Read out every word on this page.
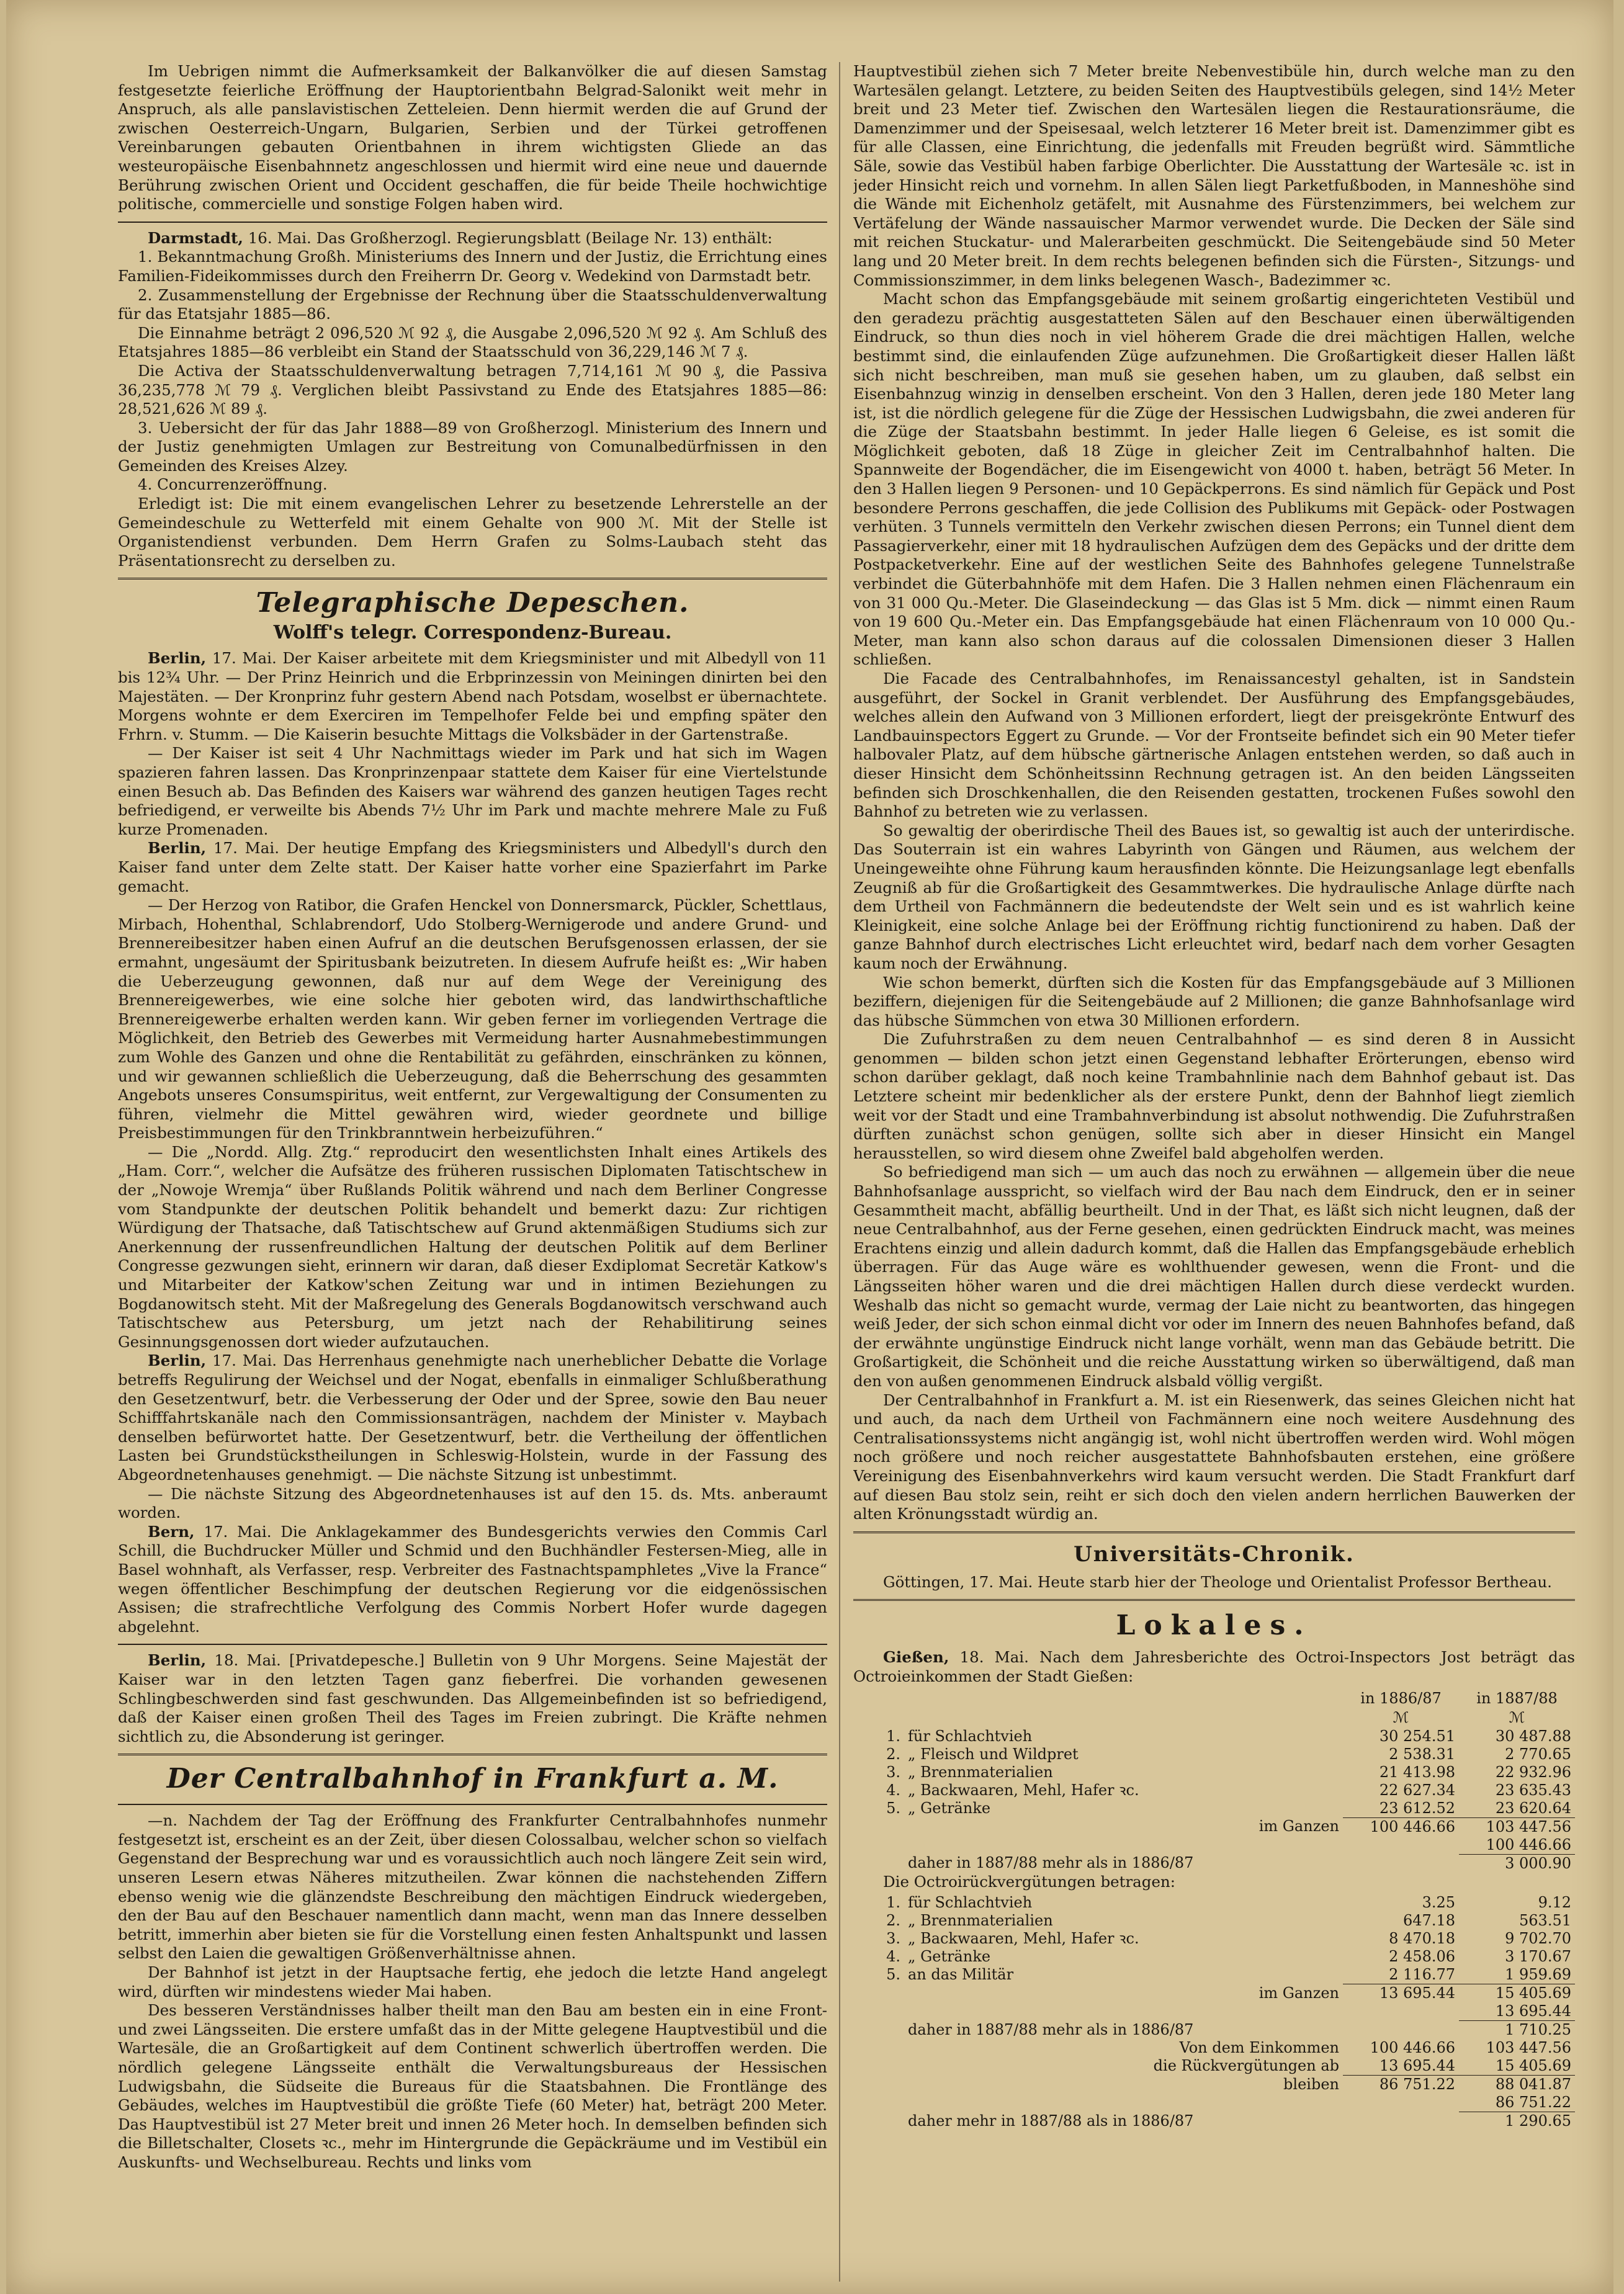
Im Uebrigen nimmt die Aufmerksamkeit der Balkanvölker die auf diesen Samstag festgesetzte feierliche Eröffnung der Hauptorientbahn Belgrad-Salonikt weit mehr in Anspruch, als alle panslavistischen Zetteleien. Denn hiermit werden die auf Grund der zwischen Oesterreich-Ungarn, Bulgarien, Serbien und der Türkei getroffenen Vereinbarungen gebauten Orientbahnen in ihrem wichtigsten Gliede an das westeuropäische Eisenbahnnetz angeschlossen und hiermit wird eine neue und dauernde Berührung zwischen Orient und Occident geschaffen, die für beide Theile hochwichtige politische, commercielle und sonstige Folgen haben wird.

Darmstadt, 16. Mai. Das Großherzogl. Regierungsblatt (Beilage Nr. 13) enthält:

1. Bekanntmachung Großh. Ministeriums des Innern und der Justiz, die Errichtung eines Familien-Fideikommisses durch den Freiherrn Dr. Georg v. Wedekind von Darmstadt betr.

2. Zusammenstellung der Ergebnisse der Rechnung über die Staatsschuldenverwaltung für das Etatsjahr 1885—86.

Die Einnahme beträgt 2 096,520 ℳ 92 ₰, die Ausgabe 2,096,520 ℳ 92 ₰. Am Schluß des Etatsjahres 1885—86 verbleibt ein Stand der Staatsschuld von 36,229,146 ℳ 7 ₰.

Die Activa der Staatsschuldenverwaltung betragen 7,714,161 ℳ 90 ₰, die Passiva 36,235,778 ℳ 79 ₰. Verglichen bleibt Passivstand zu Ende des Etatsjahres 1885—86: 28,521,626 ℳ 89 ₰.

3. Uebersicht der für das Jahr 1888—89 von Großherzogl. Ministerium des Innern und der Justiz genehmigten Umlagen zur Bestreitung von Comunalbedürfnissen in den Gemeinden des Kreises Alzey.

4. Concurrenzeröffnung.

Erledigt ist: Die mit einem evangelischen Lehrer zu besetzende Lehrerstelle an der Gemeindeschule zu Wetterfeld mit einem Gehalte von 900 ℳ. Mit der Stelle ist Organistendienst verbunden. Dem Herrn Grafen zu Solms-Laubach steht das Präsentationsrecht zu derselben zu.

Telegraphische Depeschen.
Wolff's telegr. Correspondenz-Bureau.

Berlin, 17. Mai. Der Kaiser arbeitete mit dem Kriegsminister und mit Albedyll von 11 bis 12¾ Uhr. — Der Prinz Heinrich und die Erbprinzessin von Meiningen dinirten bei den Majestäten. — Der Kronprinz fuhr gestern Abend nach Potsdam, woselbst er übernachtete. Morgens wohnte er dem Exerciren im Tempelhofer Felde bei und empfing später den Frhrn. v. Stumm. — Die Kaiserin besuchte Mittags die Volksbäder in der Gartenstraße.

— Der Kaiser ist seit 4 Uhr Nachmittags wieder im Park und hat sich im Wagen spazieren fahren lassen. Das Kronprinzenpaar stattete dem Kaiser für eine Viertelstunde einen Besuch ab. Das Befinden des Kaisers war während des ganzen heutigen Tages recht befriedigend, er verweilte bis Abends 7½ Uhr im Park und machte mehrere Male zu Fuß kurze Promenaden.

Berlin, 17. Mai. Der heutige Empfang des Kriegsministers und Albedyll's durch den Kaiser fand unter dem Zelte statt. Der Kaiser hatte vorher eine Spazierfahrt im Parke gemacht.

— Der Herzog von Ratibor, die Grafen Henckel von Donnersmarck, Pückler, Schettlaus, Mirbach, Hohenthal, Schlabrendorf, Udo Stolberg-Wernigerode und andere Grund- und Brennereibesitzer haben einen Aufruf an die deutschen Berufsgenossen erlassen, der sie ermahnt, ungesäumt der Spiritusbank beizutreten. In diesem Aufrufe heißt es: „Wir haben die Ueberzeugung gewonnen, daß nur auf dem Wege der Vereinigung des Brennereigewerbes, wie eine solche hier geboten wird, das landwirthschaftliche Brennereigewerbe erhalten werden kann. Wir geben ferner im vorliegenden Vertrage die Möglichkeit, den Betrieb des Gewerbes mit Vermeidung harter Ausnahmebestimmungen zum Wohle des Ganzen und ohne die Rentabilität zu gefährden, einschränken zu können, und wir gewannen schließlich die Ueberzeugung, daß die Beherrschung des gesammten Angebots unseres Consumspiritus, weit entfernt, zur Vergewaltigung der Consumenten zu führen, vielmehr die Mittel gewähren wird, wieder geordnete und billige Preisbestimmungen für den Trinkbranntwein herbeizuführen.“

— Die „Nordd. Allg. Ztg.“ reproducirt den wesentlichsten Inhalt eines Artikels des „Ham. Corr.“, welcher die Aufsätze des früheren russischen Diplomaten Tatischtschew in der „Nowoje Wremja“ über Rußlands Politik während und nach dem Berliner Congresse vom Standpunkte der deutschen Politik behandelt und bemerkt dazu: Zur richtigen Würdigung der Thatsache, daß Tatischtschew auf Grund aktenmäßigen Studiums sich zur Anerkennung der russenfreundlichen Haltung der deutschen Politik auf dem Berliner Congresse gezwungen sieht, erinnern wir daran, daß dieser Exdiplomat Secretär Katkow's und Mitarbeiter der Katkow'schen Zeitung war und in intimen Beziehungen zu Bogdanowitsch steht. Mit der Maßregelung des Generals Bogdanowitsch verschwand auch Tatischtschew aus Petersburg, um jetzt nach der Rehabilitirung seines Gesinnungsgenossen dort wieder aufzutauchen.

Berlin, 17. Mai. Das Herrenhaus genehmigte nach unerheblicher Debatte die Vorlage betreffs Regulirung der Weichsel und der Nogat, ebenfalls in einmaliger Schlußberathung den Gesetzentwurf, betr. die Verbesserung der Oder und der Spree, sowie den Bau neuer Schifffahrtskanäle nach den Commissionsanträgen, nachdem der Minister v. Maybach denselben befürwortet hatte. Der Gesetzentwurf, betr. die Vertheilung der öffentlichen Lasten bei Grundstückstheilungen in Schleswig-Holstein, wurde in der Fassung des Abgeordnetenhauses genehmigt. — Die nächste Sitzung ist unbestimmt.

— Die nächste Sitzung des Abgeordnetenhauses ist auf den 15. ds. Mts. anberaumt worden.

Bern, 17. Mai. Die Anklagekammer des Bundesgerichts verwies den Commis Carl Schill, die Buchdrucker Müller und Schmid und den Buchhändler Festersen-Mieg, alle in Basel wohnhaft, als Verfasser, resp. Verbreiter des Fastnachtspamphletes „Vive la France“ wegen öffentlicher Beschimpfung der deutschen Regierung vor die eidgenössischen Assisen; die strafrechtliche Verfolgung des Commis Norbert Hofer wurde dagegen abgelehnt.

Berlin, 18. Mai. [Privatdepesche.] Bulletin von 9 Uhr Morgens. Seine Majestät der Kaiser war in den letzten Tagen ganz fieberfrei. Die vorhanden gewesenen Schlingbeschwerden sind fast geschwunden. Das Allgemeinbefinden ist so befriedigend, daß der Kaiser einen großen Theil des Tages im Freien zubringt. Die Kräfte nehmen sichtlich zu, die Absonderung ist geringer.

Der Centralbahnhof in Frankfurt a. M.

—n. Nachdem der Tag der Eröffnung des Frankfurter Centralbahnhofes nunmehr festgesetzt ist, erscheint es an der Zeit, über diesen Colossalbau, welcher schon so vielfach Gegenstand der Besprechung war und es voraussichtlich auch noch längere Zeit sein wird, unseren Lesern etwas Näheres mitzutheilen. Zwar können die nachstehenden Ziffern ebenso wenig wie die glänzendste Beschreibung den mächtigen Eindruck wiedergeben, den der Bau auf den Beschauer namentlich dann macht, wenn man das Innere desselben betritt, immerhin aber bieten sie für die Vorstellung einen festen Anhaltspunkt und lassen selbst den Laien die gewaltigen Größenverhältnisse ahnen.

Der Bahnhof ist jetzt in der Hauptsache fertig, ehe jedoch die letzte Hand angelegt wird, dürften wir mindestens wieder Mai haben.

Des besseren Verständnisses halber theilt man den Bau am besten ein in eine Front- und zwei Längsseiten. Die erstere umfaßt das in der Mitte gelegene Hauptvestibül und die Wartesäle, die an Großartigkeit auf dem Continent schwerlich übertroffen werden. Die nördlich gelegene Längsseite enthält die Verwaltungsbureaus der Hessischen Ludwigsbahn, die Südseite die Bureaus für die Staatsbahnen. Die Frontlänge des Gebäudes, welches im Hauptvestibül die größte Tiefe (60 Meter) hat, beträgt 200 Meter. Das Hauptvestibül ist 27 Meter breit und innen 26 Meter hoch. In demselben befinden sich die Billetschalter, Closets ꝛc., mehr im Hintergrunde die Gepäckräume und im Vestibül ein Auskunfts- und Wechselbureau. Rechts und links vom

Hauptvestibül ziehen sich 7 Meter breite Nebenvestibüle hin, durch welche man zu den Wartesälen gelangt. Letztere, zu beiden Seiten des Hauptvestibüls gelegen, sind 14½ Meter breit und 23 Meter tief. Zwischen den Wartesälen liegen die Restaurationsräume, die Damenzimmer und der Speisesaal, welch letzterer 16 Meter breit ist. Damenzimmer gibt es für alle Classen, eine Einrichtung, die jedenfalls mit Freuden begrüßt wird. Sämmtliche Säle, sowie das Vestibül haben farbige Oberlichter. Die Ausstattung der Wartesäle ꝛc. ist in jeder Hinsicht reich und vornehm. In allen Sälen liegt Parketfußboden, in Manneshöhe sind die Wände mit Eichenholz getäfelt, mit Ausnahme des Fürstenzimmers, bei welchem zur Vertäfelung der Wände nassauischer Marmor verwendet wurde. Die Decken der Säle sind mit reichen Stuckatur- und Malerarbeiten geschmückt. Die Seitengebäude sind 50 Meter lang und 20 Meter breit. In dem rechts belegenen befinden sich die Fürsten-, Sitzungs- und Commissionszimmer, in dem links belegenen Wasch-, Badezimmer ꝛc.

Macht schon das Empfangsgebäude mit seinem großartig eingerichteten Vestibül und den geradezu prächtig ausgestatteten Sälen auf den Beschauer einen überwältigenden Eindruck, so thun dies noch in viel höherem Grade die drei mächtigen Hallen, welche bestimmt sind, die einlaufenden Züge aufzunehmen. Die Großartigkeit dieser Hallen läßt sich nicht beschreiben, man muß sie gesehen haben, um zu glauben, daß selbst ein Eisenbahnzug winzig in denselben erscheint. Von den 3 Hallen, deren jede 180 Meter lang ist, ist die nördlich gelegene für die Züge der Hessischen Ludwigsbahn, die zwei anderen für die Züge der Staatsbahn bestimmt. In jeder Halle liegen 6 Geleise, es ist somit die Möglichkeit geboten, daß 18 Züge in gleicher Zeit im Centralbahnhof halten. Die Spannweite der Bogendächer, die im Eisengewicht von 4000 t. haben, beträgt 56 Meter. In den 3 Hallen liegen 9 Personen- und 10 Gepäckperrons. Es sind nämlich für Gepäck und Post besondere Perrons geschaffen, die jede Collision des Publikums mit Gepäck- oder Postwagen verhüten. 3 Tunnels vermitteln den Verkehr zwischen diesen Perrons; ein Tunnel dient dem Passagierverkehr, einer mit 18 hydraulischen Aufzügen dem des Gepäcks und der dritte dem Postpacketverkehr. Eine auf der westlichen Seite des Bahnhofes gelegene Tunnelstraße verbindet die Güterbahnhöfe mit dem Hafen. Die 3 Hallen nehmen einen Flächenraum ein von 31 000 Qu.-Meter. Die Glaseindeckung — das Glas ist 5 Mm. dick — nimmt einen Raum von 19 600 Qu.-Meter ein. Das Empfangsgebäude hat einen Flächenraum von 10 000 Qu.-Meter, man kann also schon daraus auf die colossalen Dimensionen dieser 3 Hallen schließen.

Die Facade des Centralbahnhofes, im Renaissancestyl gehalten, ist in Sandstein ausgeführt, der Sockel in Granit verblendet. Der Ausführung des Empfangsgebäudes, welches allein den Aufwand von 3 Millionen erfordert, liegt der preisgekrönte Entwurf des Landbauinspectors Eggert zu Grunde. — Vor der Frontseite befindet sich ein 90 Meter tiefer halbovaler Platz, auf dem hübsche gärtnerische Anlagen entstehen werden, so daß auch in dieser Hinsicht dem Schönheitssinn Rechnung getragen ist. An den beiden Längsseiten befinden sich Droschkenhallen, die den Reisenden gestatten, trockenen Fußes sowohl den Bahnhof zu betreten wie zu verlassen.

So gewaltig der oberirdische Theil des Baues ist, so gewaltig ist auch der unterirdische. Das Souterrain ist ein wahres Labyrinth von Gängen und Räumen, aus welchem der Uneingeweihte ohne Führung kaum herausfinden könnte. Die Heizungsanlage legt ebenfalls Zeugniß ab für die Großartigkeit des Gesammtwerkes. Die hydraulische Anlage dürfte nach dem Urtheil von Fachmännern die bedeutendste der Welt sein und es ist wahrlich keine Kleinigkeit, eine solche Anlage bei der Eröffnung richtig functionirend zu haben. Daß der ganze Bahnhof durch electrisches Licht erleuchtet wird, bedarf nach dem vorher Gesagten kaum noch der Erwähnung.

Wie schon bemerkt, dürften sich die Kosten für das Empfangsgebäude auf 3 Millionen beziffern, diejenigen für die Seitengebäude auf 2 Millionen; die ganze Bahnhofsanlage wird das hübsche Sümmchen von etwa 30 Millionen erfordern.

Die Zufuhrstraßen zu dem neuen Centralbahnhof — es sind deren 8 in Aussicht genommen — bilden schon jetzt einen Gegenstand lebhafter Erörterungen, ebenso wird schon darüber geklagt, daß noch keine Trambahnlinie nach dem Bahnhof gebaut ist. Das Letztere scheint mir bedenklicher als der erstere Punkt, denn der Bahnhof liegt ziemlich weit vor der Stadt und eine Trambahnverbindung ist absolut nothwendig. Die Zufuhrstraßen dürften zunächst schon genügen, sollte sich aber in dieser Hinsicht ein Mangel herausstellen, so wird diesem ohne Zweifel bald abgeholfen werden.

So befriedigend man sich — um auch das noch zu erwähnen — allgemein über die neue Bahnhofsanlage ausspricht, so vielfach wird der Bau nach dem Eindruck, den er in seiner Gesammtheit macht, abfällig beurtheilt. Und in der That, es läßt sich nicht leugnen, daß der neue Centralbahnhof, aus der Ferne gesehen, einen gedrückten Eindruck macht, was meines Erachtens einzig und allein dadurch kommt, daß die Hallen das Empfangsgebäude erheblich überragen. Für das Auge wäre es wohlthuender gewesen, wenn die Front- und die Längsseiten höher waren und die drei mächtigen Hallen durch diese verdeckt wurden. Weshalb das nicht so gemacht wurde, vermag der Laie nicht zu beantworten, das hingegen weiß Jeder, der sich schon einmal dicht vor oder im Innern des neuen Bahnhofes befand, daß der erwähnte ungünstige Eindruck nicht lange vorhält, wenn man das Gebäude betritt. Die Großartigkeit, die Schönheit und die reiche Ausstattung wirken so überwältigend, daß man den von außen genommenen Eindruck alsbald völlig vergißt.

Der Centralbahnhof in Frankfurt a. M. ist ein Riesenwerk, das seines Gleichen nicht hat und auch, da nach dem Urtheil von Fachmännern eine noch weitere Ausdehnung des Centralisationssystems nicht angängig ist, wohl nicht übertroffen werden wird. Wohl mögen noch größere und noch reicher ausgestattete Bahnhofsbauten erstehen, eine größere Vereinigung des Eisenbahnverkehrs wird kaum versucht werden. Die Stadt Frankfurt darf auf diesen Bau stolz sein, reiht er sich doch den vielen andern herrlichen Bauwerken der alten Krönungsstadt würdig an.

Universitäts-Chronik.

Göttingen, 17. Mai. Heute starb hier der Theologe und Orientalist Professor Bertheau.

Lokales.

Gießen, 18. Mai. Nach dem Jahresberichte des Octroi-Inspectors Jost beträgt das Octroieinkommen der Stadt Gießen:

		in 1886/87	in 1887/88
		ℳ	ℳ
1.	für Schlachtvieh	30 254.51	30 487.88
2.	„ Fleisch und Wildpret	2 538.31	2 770.65
3.	„ Brennmaterialien	21 413.98	22 932.96
4.	„ Backwaaren, Mehl, Hafer ꝛc.	22 627.34	23 635.43
5.	„ Getränke	23 612.52	23 620.64
	im Ganzen	100 446.66	103 447.56
			100 446.66
	daher in 1887/88 mehr als in 1886/87		3 000.90

Die Octroirückvergütungen betragen:

1.	für Schlachtvieh	3.25	9.12
2.	„ Brennmaterialien	647.18	563.51
3.	„ Backwaaren, Mehl, Hafer ꝛc.	8 470.18	9 702.70
4.	„ Getränke	2 458.06	3 170.67
5.	an das Militär	2 116.77	1 959.69
	im Ganzen	13 695.44	15 405.69
			13 695.44
	daher in 1887/88 mehr als in 1886/87		1 710.25
	Von dem Einkommen	100 446.66	103 447.56
	die Rückvergütungen ab	13 695.44	15 405.69
	bleiben	86 751.22	88 041.87
			86 751.22
	daher mehr in 1887/88 als in 1886/87		1 290.65
